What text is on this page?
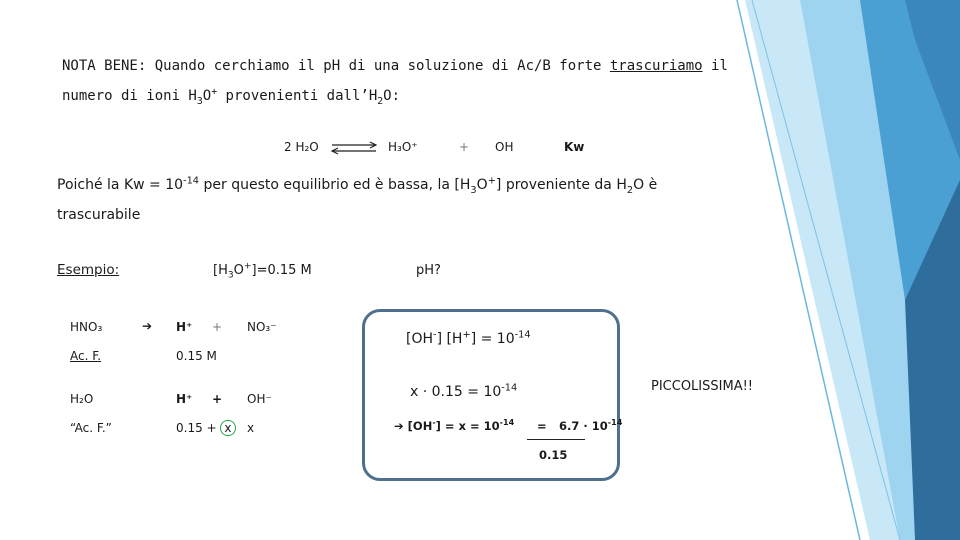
NOTA BENE: Quando cerchiamo il pH di una soluzione di Ac/B forte trascuriamo il
numero di ioni $H_3O^+$ provenienti $dall’H_2O$:
2 H₂O ⇌ H₃O⁺	+ OH	Kw
Poiché la $Kw = 10^{-14}$ per questo equilibrio ed è bassa, la $[H_3O^+]$ proveniente da $H_2O$ è
trascurabile
Esempio:	$[H_3O^+]=0.15$ M	pH?
HNO₃	➔ H⁺ + NO₃⁻
Ac. F.	0.15 M
H₂O	H⁺ + OH⁻
“Ac. F.”	0.15 + x	x
[OH-] $[H^+] = 10^{-14}$
$x \cdot 0.15 = 10^{-14}$
➔ $[OH^-] = x = 10^{-14} = 6.7 \cdot 10^{-14}$
0.15
PICCOLISSIMA!!
